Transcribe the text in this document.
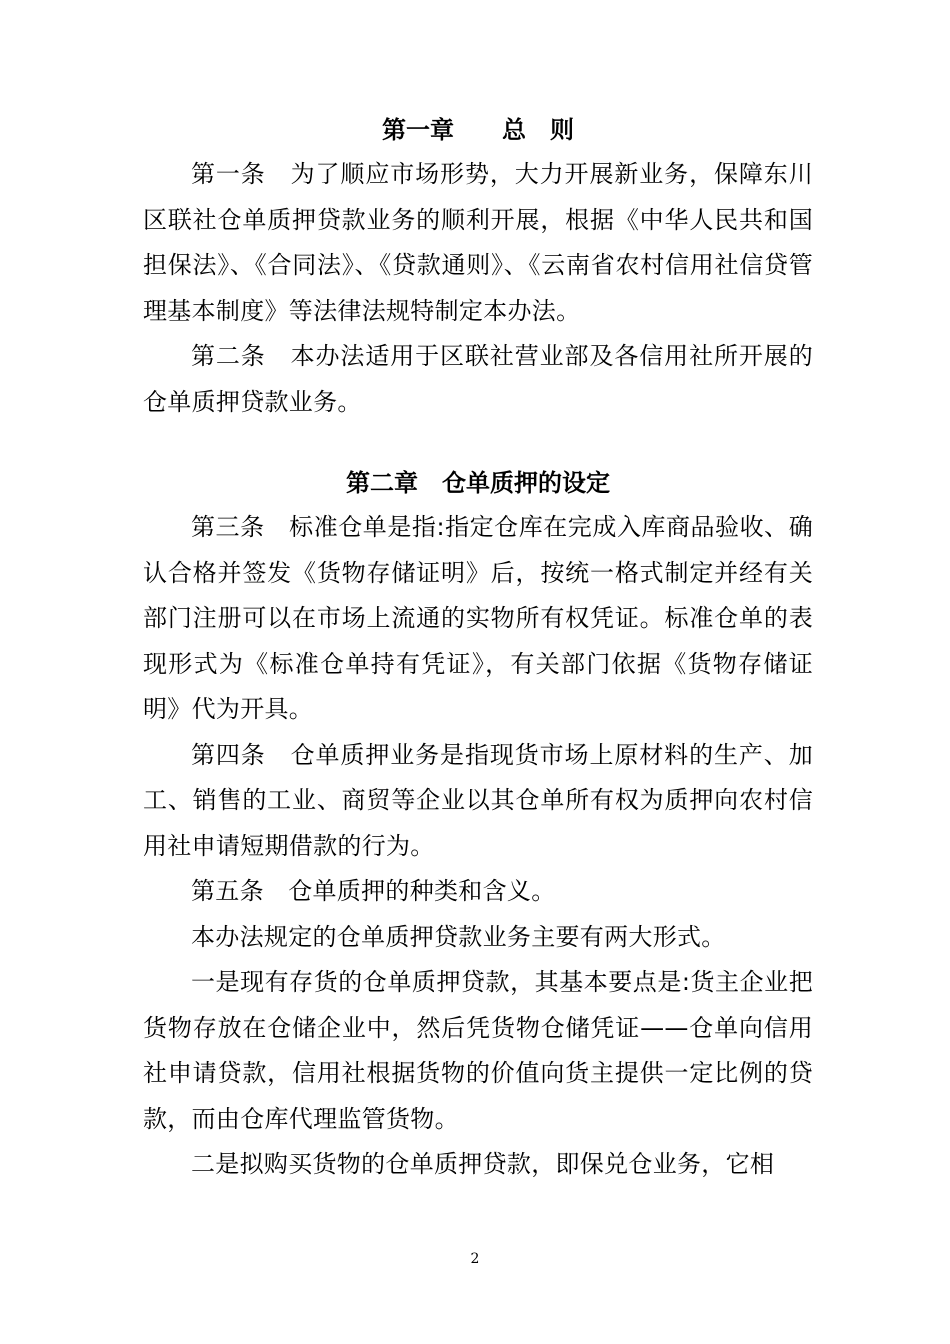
第一章　　总　则

第一条　为了顺应市场形势，大力开展新业务，保障东川区联社仓单质押贷款业务的顺利开展，根据《中华人民共和国担保法》、《合同法》、《贷款通则》、《云南省农村信用社信贷管理基本制度》等法律法规特制定本办法。

第二条　本办法适用于区联社营业部及各信用社所开展的仓单质押贷款业务。

第二章　仓单质押的设定

第三条　标准仓单是指:指定仓库在完成入库商品验收、确认合格并签发《货物存储证明》后，按统一格式制定并经有关部门注册可以在市场上流通的实物所有权凭证。标准仓单的表现形式为《标准仓单持有凭证》，有关部门依据《货物存储证明》代为开具。

第四条　仓单质押业务是指现货市场上原材料的生产、加工、销售的工业、商贸等企业以其仓单所有权为质押向农村信用社申请短期借款的行为。

第五条　仓单质押的种类和含义。

本办法规定的仓单质押贷款业务主要有两大形式。

一是现有存货的仓单质押贷款，其基本要点是:货主企业把货物存放在仓储企业中，然后凭货物仓储凭证——仓单向信用社申请贷款，信用社根据货物的价值向货主提供一定比例的贷款，而由仓库代理监管货物。

二是拟购买货物的仓单质押贷款，即保兑仓业务，它相

2
